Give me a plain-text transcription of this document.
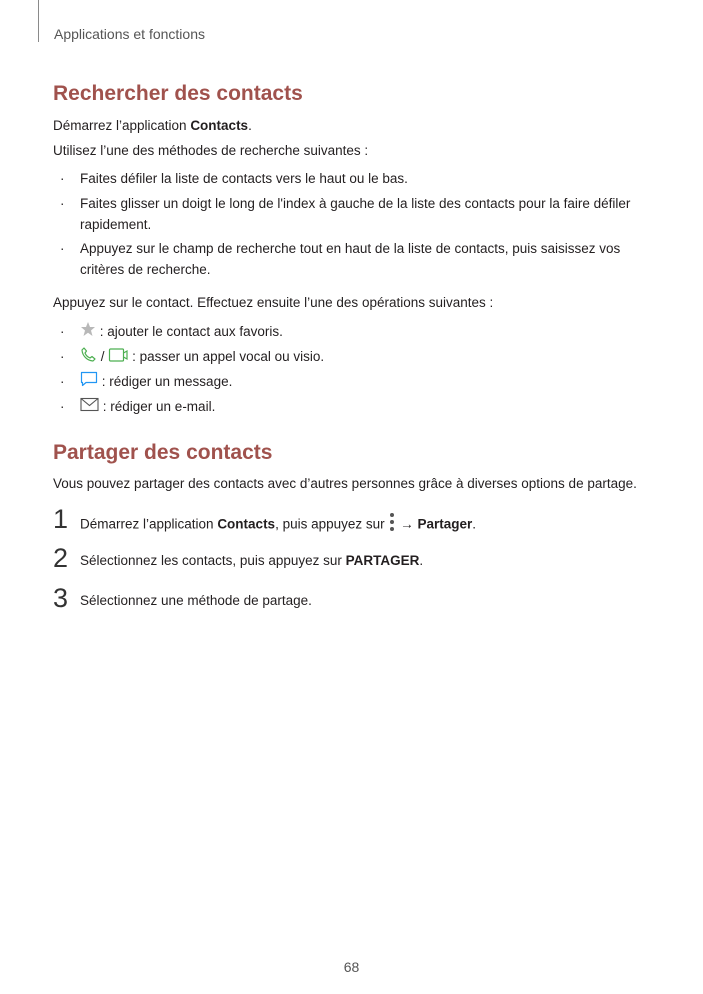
Applications et fonctions
Rechercher des contacts

Démarrez l’application Contacts.

Utilisez l’une des méthodes de recherche suivantes :

· Faites défiler la liste de contacts vers le haut ou le bas.
· Faites glisser un doigt le long de l'index à gauche de la liste des contacts pour la faire défiler rapidement.
· Appuyez sur le champ de recherche tout en haut de la liste de contacts, puis saisissez vos critères de recherche.

Appuyez sur le contact. Effectuez ensuite l’une des opérations suivantes :

·	: ajouter le contact aux favoris.
·	/ : passer un appel vocal ou visio.
·	: rédiger un message.
·	: rédiger un e-mail.
Partager des contacts

Vous pouvez partager des contacts avec d’autres personnes grâce à diverses options de partage.

1 Démarrez l’application Contacts, puis appuyez sur  → Partager.
2 Sélectionnez les contacts, puis appuyez sur PARTAGER.
3 Sélectionnez une méthode de partage.
68
